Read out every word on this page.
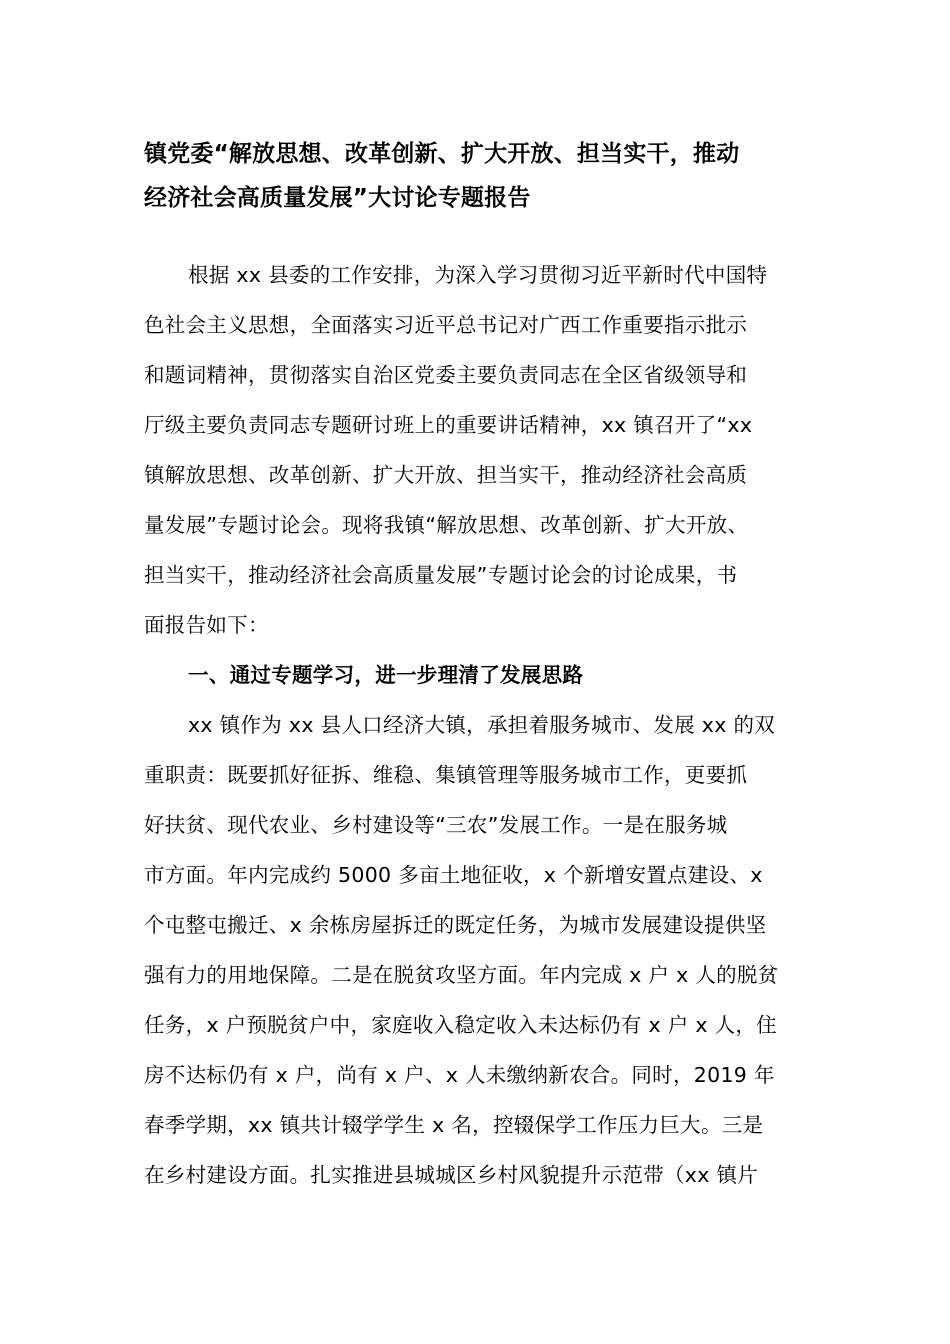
镇党委“解放思想、改革创新、扩大开放、担当实干，推动
经济社会高质量发展”大讨论专题报告
根据 xx 县委的工作安排，为深入学习贯彻习近平新时代中国特
色社会主义思想，全面落实习近平总书记对广西工作重要指示批示
和题词精神，贯彻落实自治区党委主要负责同志在全区省级领导和
厅级主要负责同志专题研讨班上的重要讲话精神，xx 镇召开了“xx
镇解放思想、改革创新、扩大开放、担当实干，推动经济社会高质
量发展”专题讨论会。现将我镇“解放思想、改革创新、扩大开放、
担当实干，推动经济社会高质量发展”专题讨论会的讨论成果，书
面报告如下：
一、通过专题学习，进一步理清了发展思路
xx 镇作为 xx 县人口经济大镇，承担着服务城市、发展 xx 的双
重职责：既要抓好征拆、维稳、集镇管理等服务城市工作，更要抓
好扶贫、现代农业、乡村建设等“三农”发展工作。一是在服务城
市方面。年内完成约 5000 多亩土地征收，x 个新增安置点建设、x
个屯整屯搬迁、x 余栋房屋拆迁的既定任务，为城市发展建设提供坚
强有力的用地保障。二是在脱贫攻坚方面。年内完成 x 户 x 人的脱贫
任务，x 户预脱贫户中，家庭收入稳定收入未达标仍有 x 户 x 人，住
房不达标仍有 x 户，尚有 x 户、x 人未缴纳新农合。同时，2019 年
春季学期，xx 镇共计辍学学生 x 名，控辍保学工作压力巨大。三是
在乡村建设方面。扎实推进县城城区乡村风貌提升示范带（xx 镇片
